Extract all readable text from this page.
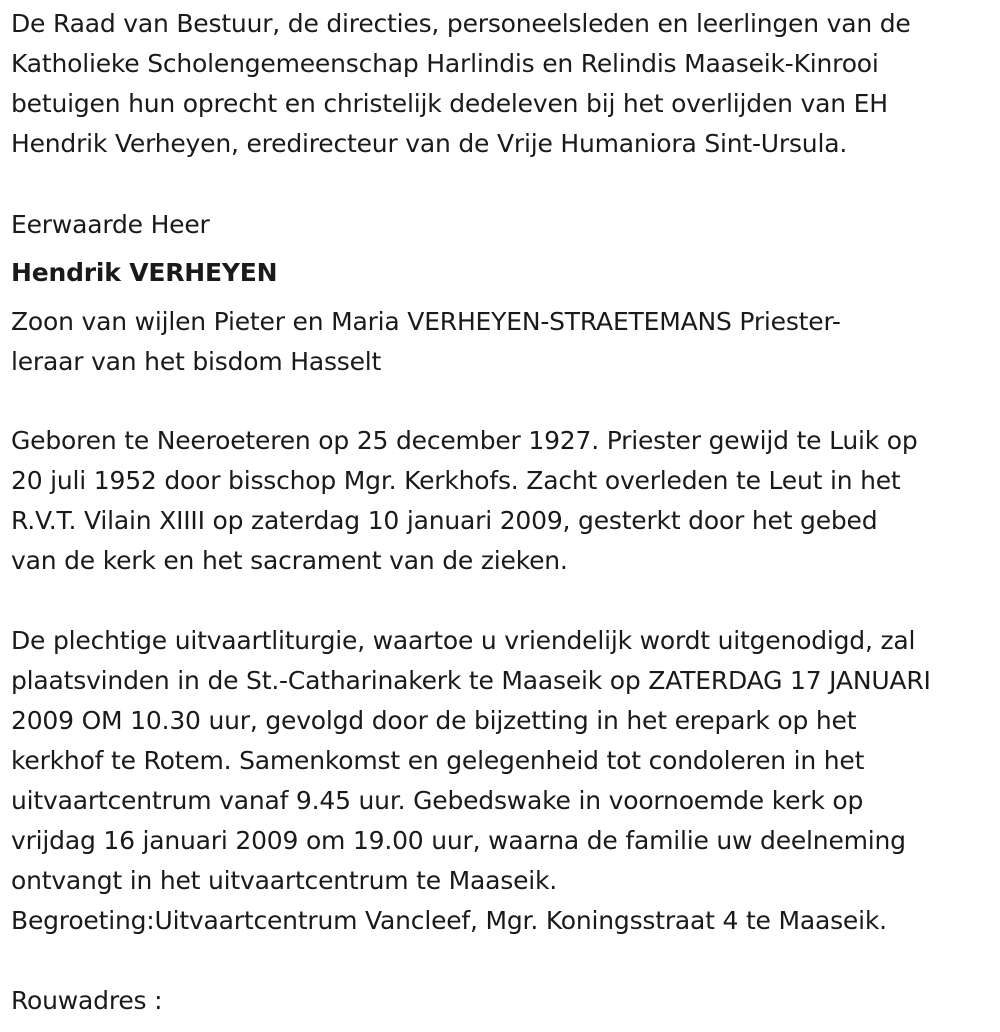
De Raad van Bestuur, de directies, personeelsleden en leerlingen van de
Katholieke Scholengemeenschap Harlindis en Relindis Maaseik-Kinrooi
betuigen hun oprecht en christelijk dedeleven bij het overlijden van EH
Hendrik Verheyen, eredirecteur van de Vrije Humaniora Sint-Ursula.
Eerwaarde Heer
Hendrik VERHEYEN
Zoon van wijlen Pieter en Maria VERHEYEN-STRAETEMANS Priester-
leraar van het bisdom Hasselt
Geboren te Neeroeteren op 25 december 1927. Priester gewijd te Luik op
20 juli 1952 door bisschop Mgr. Kerkhofs. Zacht overleden te Leut in het
R.V.T. Vilain XIIII op zaterdag 10 januari 2009, gesterkt door het gebed
van de kerk en het sacrament van de zieken.
De plechtige uitvaartliturgie, waartoe u vriendelijk wordt uitgenodigd, zal
plaatsvinden in de St.-Catharinakerk te Maaseik op ZATERDAG 17 JANUARI
2009 OM 10.30 uur, gevolgd door de bijzetting in het erepark op het
kerkhof te Rotem. Samenkomst en gelegenheid tot condoleren in het
uitvaartcentrum vanaf 9.45 uur. Gebedswake in voornoemde kerk op
vrijdag 16 januari 2009 om 19.00 uur, waarna de familie uw deelneming
ontvangt in het uitvaartcentrum te Maaseik.
Begroeting:Uitvaartcentrum Vancleef, Mgr. Koningsstraat 4 te Maaseik.
Rouwadres :
